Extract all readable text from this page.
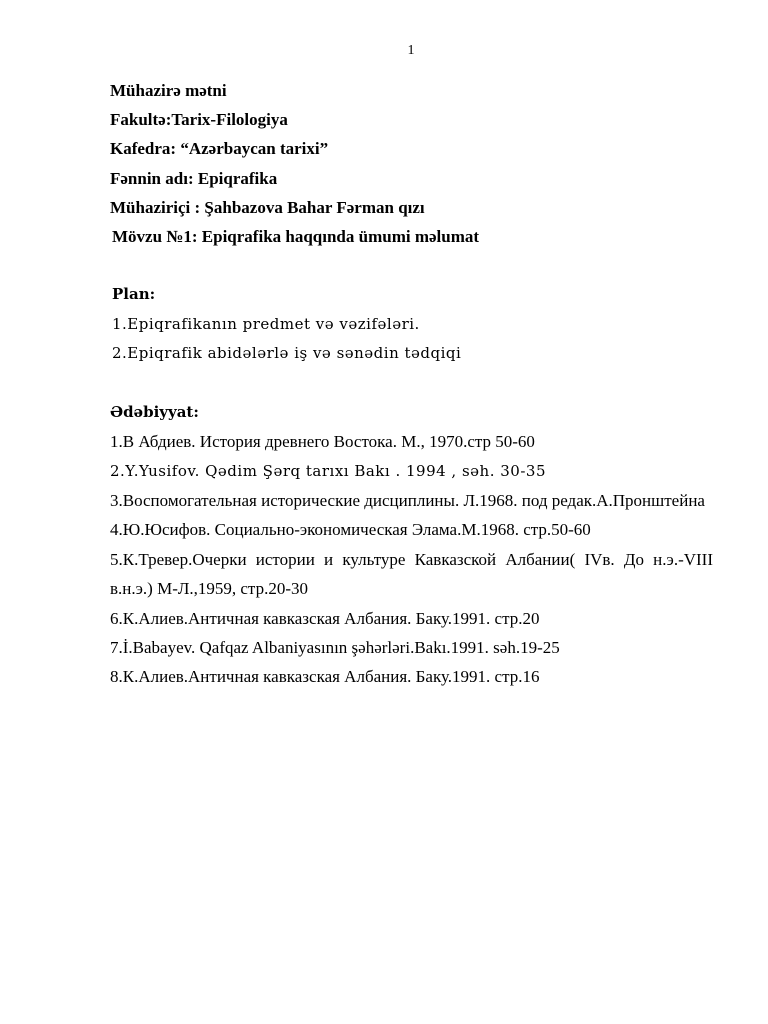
1
Mühazirə mətni
Fakultə:Tarix-Filologiya
Kafedra: “Azərbaycan tarixi”
Fənnin adı: Epiqrafika
Mühaziriçi : Şahbazova Bahar Fərman qızı
Mövzu №1: Epiqrafika haqqında ümumi məlumat
Plan:
1.Epiqrafikanın predmet və vəzifələri.
2.Epiqrafik abidələrlə iş və sənədin tədqiqi
Ədəbiyyat:
1.В Абдиев. История древнего Востока. М., 1970.стр 50-60
2.Y.Yusifov. Qədim Şərq tarıxı Bakı . 1994 , səh. 30-35
3.Воспомогательная исторические дисциплины. Л.1968. под редак.А.Пронштейна
4.Ю.Юсифов. Социально-экономическая Элама.М.1968. стр.50-60
5.К.Тревер.Очерки истории и культуре Кавказской Албании( IVв. До н.э.-VIII в.н.э.) М-Л.,1959, стр.20-30
6.К.Алиев.Античная кавказская Албания. Баку.1991. стр.20
7.İ.Babayev. Qafqaz Albaniyasının şəhərləri.Bakı.1991. səh.19-25
8.К.Алиев.Античная кавказская Албания. Баку.1991. стр.16
